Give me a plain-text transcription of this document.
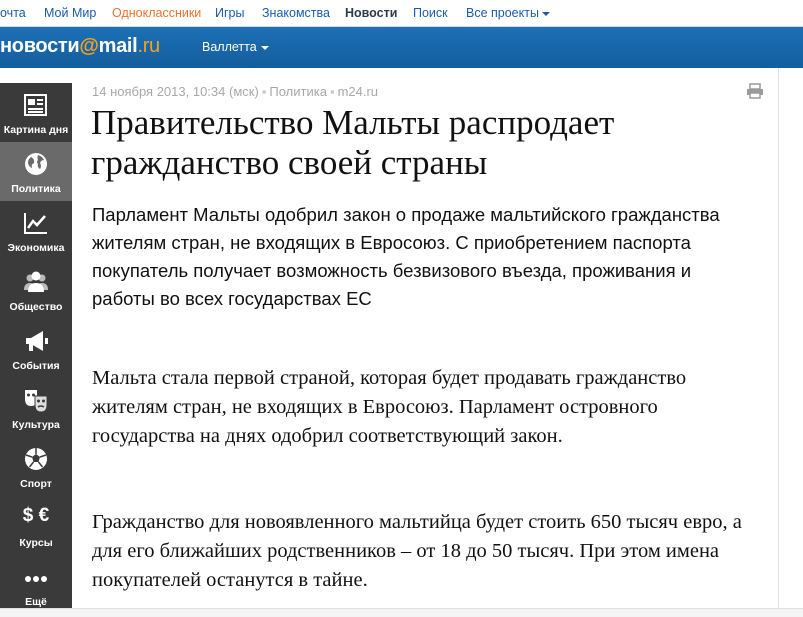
очта Мой Мир Одноклассники Игры Знакомства Новости Поиск Все проекты
новости@mail.ru	Валлетта
Картина дня
Политика
Экономика
Общество
События
Культура
Спорт
$ €
Курсы
Ещё
14 ноября 2013, 10:34 (мск) ▪ Политика ▪ m24.ru
Правительство Мальты распродает гражданство своей страны

Парламент Мальты одобрил закон о продаже мальтийского гражданства жителям стран, не входящих в Евросоюз. С приобретением паспорта покупатель получает возможность безвизового въезда, проживания и работы во всех государствах ЕС

Мальта стала первой страной, которая будет продавать гражданство жителям стран, не входящих в Евросоюз. Парламент островного государства на днях одобрил соответствующий закон.

Гражданство для новоявленного мальтийца будет стоить 650 тысяч евро, а для его ближайших родственников – от 18 до 50 тысяч. При этом имена покупателей останутся в тайне.
